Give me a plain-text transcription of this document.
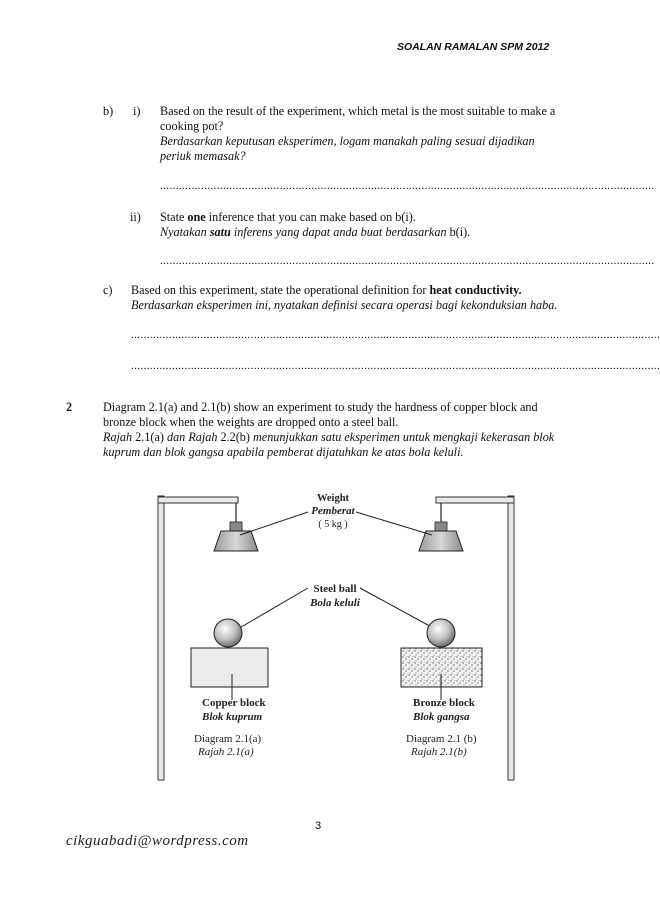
SOALAN RAMALAN SPM 2012
b) i) Based on the result of the experiment, which metal is the most suitable to make a
cooking pot?
Berdasarkan keputusan eksperimen, logam manakah paling sesuai dijadikan
periuk memasak?
.............................................................................................................................................................
ii) State one inference that you can make based on b(i).
Nyatakan satu inferens yang dapat anda buat berdasarkan b(i).
.............................................................................................................................................................
c) Based on this experiment, state the operational definition for heat conductivity.
Berdasarkan eksperimen ini, nyatakan definisi secara operasi bagi kekonduksian haba.
........................................................................................................................................................................
........................................................................................................................................................................
2	Diagram 2.1(a) and 2.1(b) show an experiment to study the hardness of copper block and
bronze block when the weights are dropped onto a steel ball.
Rajah 2.1(a) dan Rajah 2.2(b) menunjukkan satu eksperimen untuk mengkaji kekerasan blok
kuprum dan blok gangsa apabila pemberat dijatuhkan ke atas bola keluli.
Weight
Pemberat
( 5 kg )
Steel ball
Bola keluli
Copper block
Blok kuprum
Bronze block
Blok gangsa
Diagram 2.1(a)
Rajah 2.1(a)
Diagram 2.1 (b)
Rajah 2.1(b)
3
cikguabadi@wordpress.com
